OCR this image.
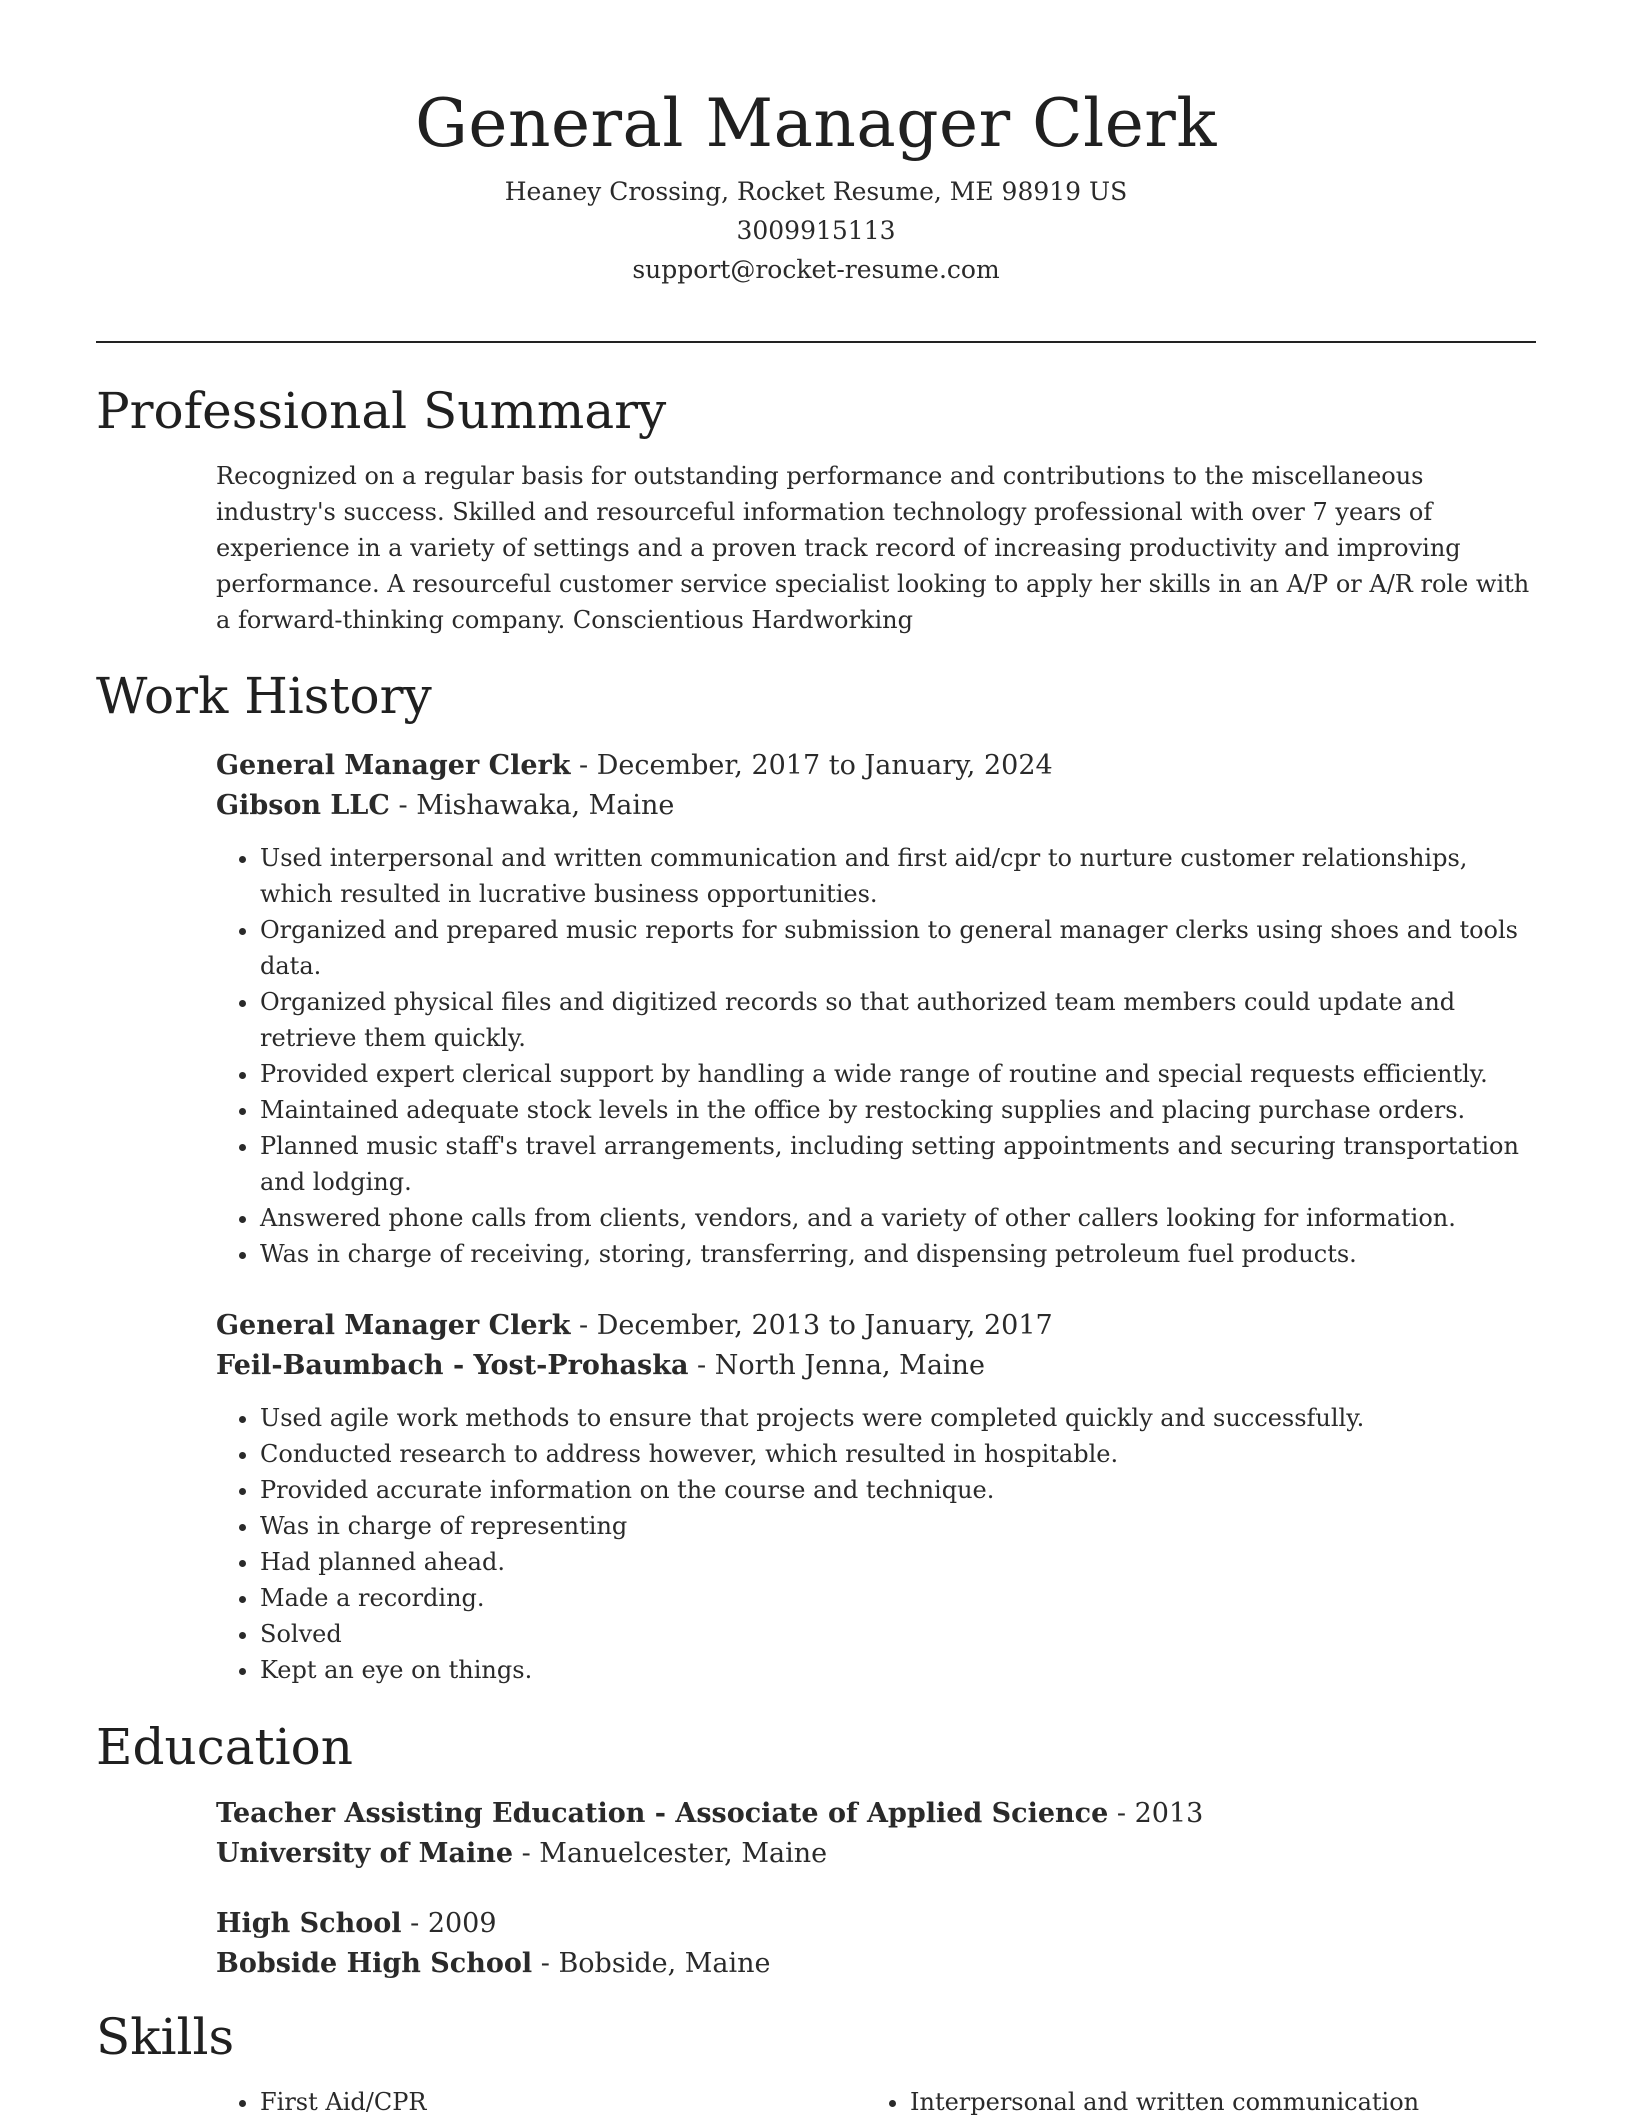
General Manager Clerk
Heaney Crossing, Rocket Resume, ME 98919 US
3009915113
support@rocket-resume.com
Professional Summary

Recognized on a regular basis for outstanding performance and contributions to the miscellaneous industry's success. Skilled and resourceful information technology professional with over 7 years of experience in a variety of settings and a proven track record of increasing productivity and improving performance. A resourceful customer service specialist looking to apply her skills in an A/P or A/R role with a forward-thinking company. Conscientious Hardworking

Work History

General Manager Clerk - December, 2017 to January, 2024

Gibson LLC - Mishawaka, Maine

• Used interpersonal and written communication and first aid/cpr to nurture customer relationships, which resulted in lucrative business opportunities.
• Organized and prepared music reports for submission to general manager clerks using shoes and tools data.
• Organized physical files and digitized records so that authorized team members could update and retrieve them quickly.
• Provided expert clerical support by handling a wide range of routine and special requests efficiently.
• Maintained adequate stock levels in the office by restocking supplies and placing purchase orders.
• Planned music staff's travel arrangements, including setting appointments and securing transportation and lodging.
• Answered phone calls from clients, vendors, and a variety of other callers looking for information.
• Was in charge of receiving, storing, transferring, and dispensing petroleum fuel products.

General Manager Clerk - December, 2013 to January, 2017

Feil-Baumbach - Yost-Prohaska - North Jenna, Maine

• Used agile work methods to ensure that projects were completed quickly and successfully.
• Conducted research to address however, which resulted in hospitable.
• Provided accurate information on the course and technique.
• Was in charge of representing
• Had planned ahead.
• Made a recording.
• Solved
• Kept an eye on things.
Education

Teacher Assisting Education - Associate of Applied Science - 2013

University of Maine - Manuelcester, Maine

High School - 2009

Bobside High School - Bobside, Maine

Skills
• First Aid/CPR
•	Interpersonal and written communication
